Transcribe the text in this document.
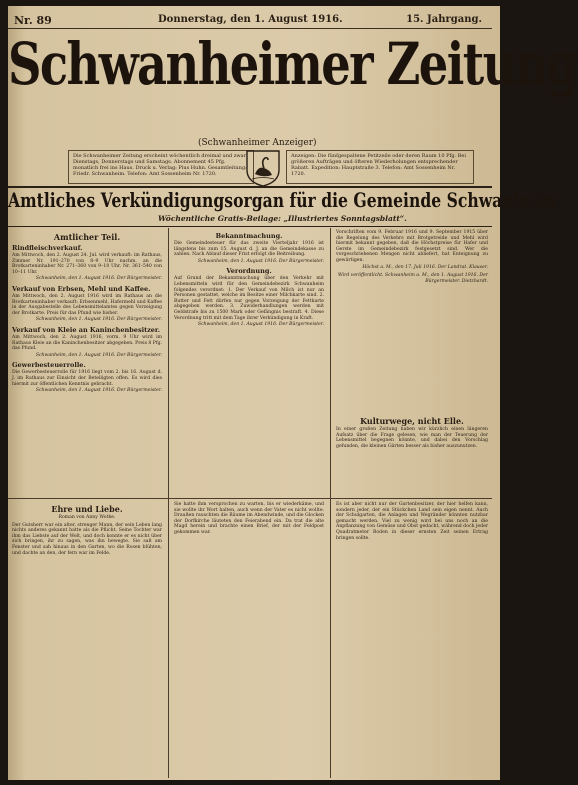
Nr. 89	Donnerstag, den 1. August 1916.	15. Jahrgang.
Schwanheimer Zeitung
(Schwanheimer Anzeiger)
Die Schwanheimer Zeitung erscheint wöchentlich dreimal und zwar Dienstags, Donnerstags und Samstags. Abonnement 45 Pfg. monatlich frei ins Haus. Druck u. Verlag: Pius Huhn. Gesamtleitung: Friedr. Schwanheim. Telefon: Amt Sossenheim Nr. 1720.
Anzeigen: Die fünfgespaltene Petitzeile oder deren Raum 10 Pfg. Bei größeren Aufträgen und öfteren Wiederholungen entsprechender Rabatt. Expedition: Hauptstraße 3. Telefon: Amt Sossenheim Nr. 1720.
Amtliches Verkündigungsorgan für die Gemeinde Schwanheim
Wöchentliche Gratis-Beilage: „Illustriertes Sonntagsblatt“.
Amtlicher Teil.
Rindfleischverkauf.

Am Mittwoch, den 2. August 24. Jul. wird verkauft: im Rathaus, Zimmer Nr. 191–270 von 8–9 Uhr nachm. an die Brotkarteninhaber Nr. 271–360 von 9–10 Uhr, Nr. 361–540 von 10–11 Uhr.

Schwanheim, den 1. August 1916. Der Bürgermeister.
Verkauf von Erbsen, Mehl und Kaffee.

Am Mittwoch, den 2. August 1916 wird im Rathaus an die Brotkarteninhaber verkauft: Erbsenmehl, Hafermehl und Kaffee in der Ausgabestelle des Lebensmittelamtes gegen Vorzeigung der Brotkarte. Preis für das Pfund wie bisher.

Schwanheim, den 1. August 1916. Der Bürgermeister.
Verkauf von Kleie an Kaninchenbesitzer.

Am Mittwoch, den 2. August 1916, vorm. 9 Uhr wird im Rathaus Kleie an die Kaninchenbesitzer abgegeben. Preis 8 Pfg. das Pfund.

Schwanheim, den 1. August 1916. Der Bürgermeister.
Gewerbesteuerrolle.

Die Gewerbesteuerrolle für 1916 liegt vom 2. bis 16. August d. J. im Rathaus zur Einsicht der Beteiligten offen. Es wird dies hiermit zur öffentlichen Kenntnis gebracht.

Schwanheim, den 1. August 1916. Der Bürgermeister.
Bekanntmachung.

Die Gemeindesteuer für das zweite Vierteljahr 1916 ist längstens bis zum 15. August d. J. an die Gemeindekasse zu zahlen. Nach Ablauf dieser Frist erfolgt die Beitreibung.

Schwanheim, den 1. August 1916. Der Bürgermeister.
Verordnung.

Auf Grund der Bekanntmachung über den Verkehr mit Lebensmitteln wird für den Gemeindebezirk Schwanheim folgendes verordnet: 1. Der Verkauf von Milch ist nur an Personen gestattet, welche im Besitze einer Milchkarte sind. 2. Butter und Fett dürfen nur gegen Vorzeigung der Fettkarte abgegeben werden. 3. Zuwiderhandlungen werden mit Geldstrafe bis zu 1500 Mark oder Gefängnis bestraft. 4. Diese Verordnung tritt mit dem Tage ihrer Verkündigung in Kraft.

Schwanheim, den 1. August 1916. Der Bürgermeister.

Vorschriften vom 9. Februar 1916 und 9. September 1915 über die Regelung des Verkehrs mit Brotgetreide und Mehl wird hiermit bekannt gegeben, daß die Höchstpreise für Hafer und Gerste im Gemeindebezirk festgesetzt sind. Wer die vorgeschriebenen Mengen nicht abliefert, hat Enteignung zu gewärtigen.

Höchst a. M., den 17. Juli 1916. Der Landrat. Klauser.
Wird veröffentlicht. Schwanheim a. M., den 1. August 1916. Der Bürgermeister. Dietzhardt.
Kulturwege, nicht Elle.

In einer großen Zeitung haben wir kürzlich einen längeren Aufsatz über die Frage gelesen, wie man der Teuerung der Lebensmittel begegnen könnte, und dabei den Vorschlag gefunden, die kleinen Gärten besser als bisher auszunutzen.

Ehre und Liebe.
Roman von Anny Wothe.

Der Gutsherr war ein alter, strenger Mann, der sein Leben lang nichts anderes gekannt hatte als die Pflicht. Seine Tochter war ihm das Liebste auf der Welt, und doch konnte er es nicht über sich bringen, ihr zu sagen, was ihn bewegte. Sie saß am Fenster und sah hinaus in den Garten, wo die Rosen blühten, und dachte an den, der fern war im Felde.

Sie hatte ihm versprochen zu warten, bis er wiederkäme, und sie wollte ihr Wort halten, auch wenn der Vater es nicht wollte. Draußen rauschten die Bäume im Abendwinde, und die Glocken der Dorfkirche läuteten den Feierabend ein. Da trat die alte Magd herein und brachte einen Brief, der mit der Feldpost gekommen war.

Es ist aber nicht nur der Gartenbesitzer, der hier helfen kann, sondern jeder, der ein Stückchen Land sein eigen nennt. Auch der Schulgarten, die Anlagen und Wegränder könnten nutzbar gemacht werden. Viel zu wenig wird bei uns noch an die Anpflanzung von Gemüse und Obst gedacht, während doch jeder Quadratmeter Boden in dieser ernsten Zeit seinen Ertrag bringen sollte.
